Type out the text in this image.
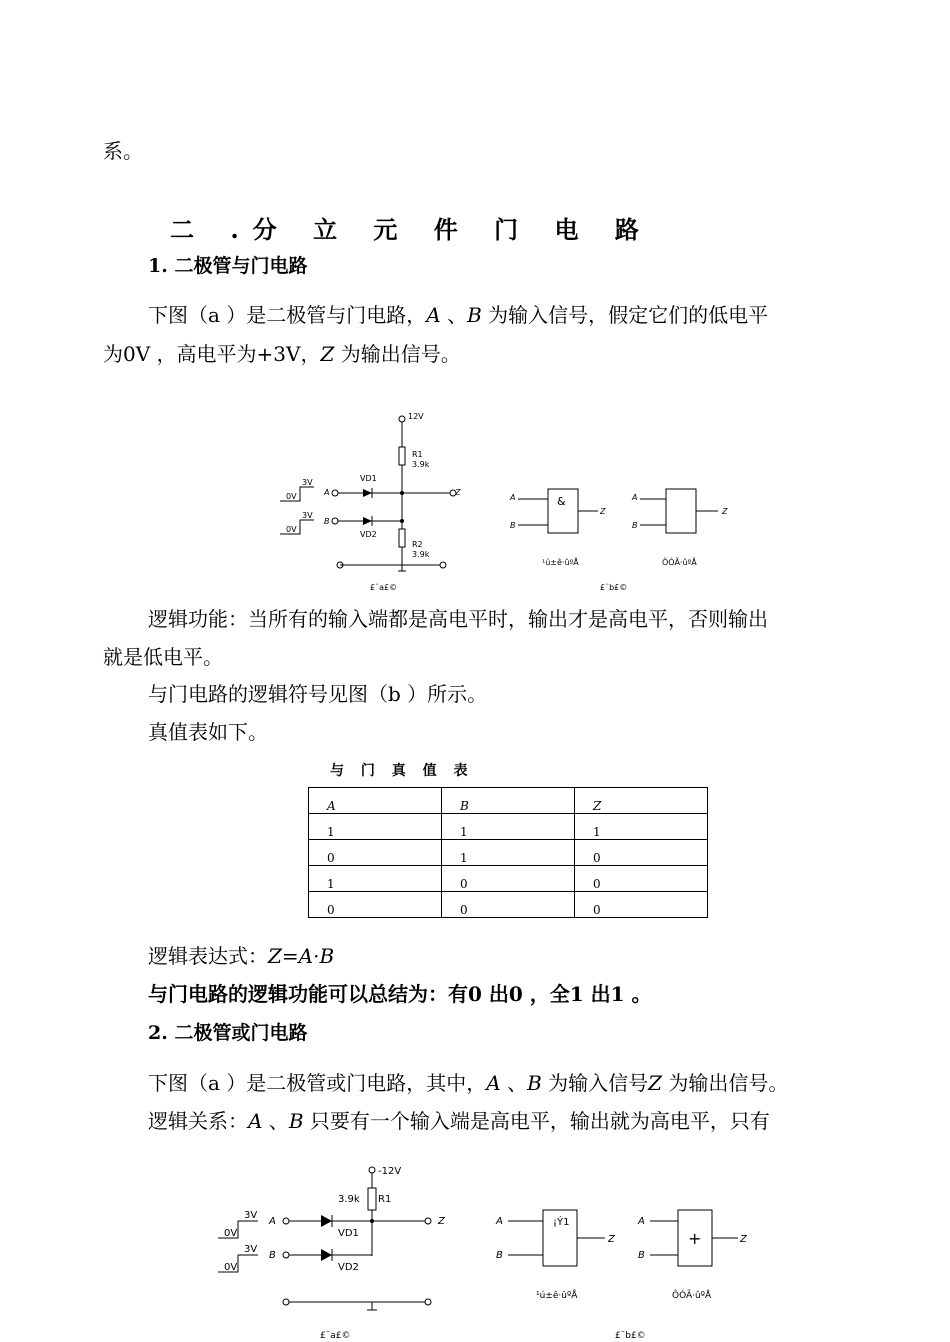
系。
二 .分 立 元 件 门 电 路
1. 二极管与门电路
下图（a ）是二极管与门电路，A 、B 为输入信号，假定它们的低电平
为0V ，高电平为+3V，Z 为输出信号。
12V
R1
3.9k
R2
3.9k
VD1
VD2
A
B
Z
3V
0V
3V
0V
£¨a£©	£¨b£©
&
A
B
Z
A
B
Z
¹ú±ê·ûºÅ	ÔÓÃ·ûºÅ
逻辑功能：当所有的输入端都是高电平时，输出才是高电平，否则输出
就是低电平。
与门电路的逻辑符号见图（b ）所示。
真值表如下。
与 门 真 值 表
A	B	Z
1	1	1
0	1	0
1	0	0
0	0	0
逻辑表达式：Z=A·B
与门电路的逻辑功能可以总结为：有0 出0 ，全1 出1 。
2. 二极管或门电路
下图（a ）是二极管或门电路，其中，A 、B 为输入信号Z 为输出信号。
逻辑关系：A 、B 只要有一个输入端是高电平，输出就为高电平，只有
-12V
R1
3.9k
VD1
VD2
A
B
Z
3V
0V
3V
0V
£¨a£©	£¨b£©
¡Ý1
+
A
B
Z
A
B
Z
¹ú±ê·ûºÅ	ÔÓÃ·ûºÅ
